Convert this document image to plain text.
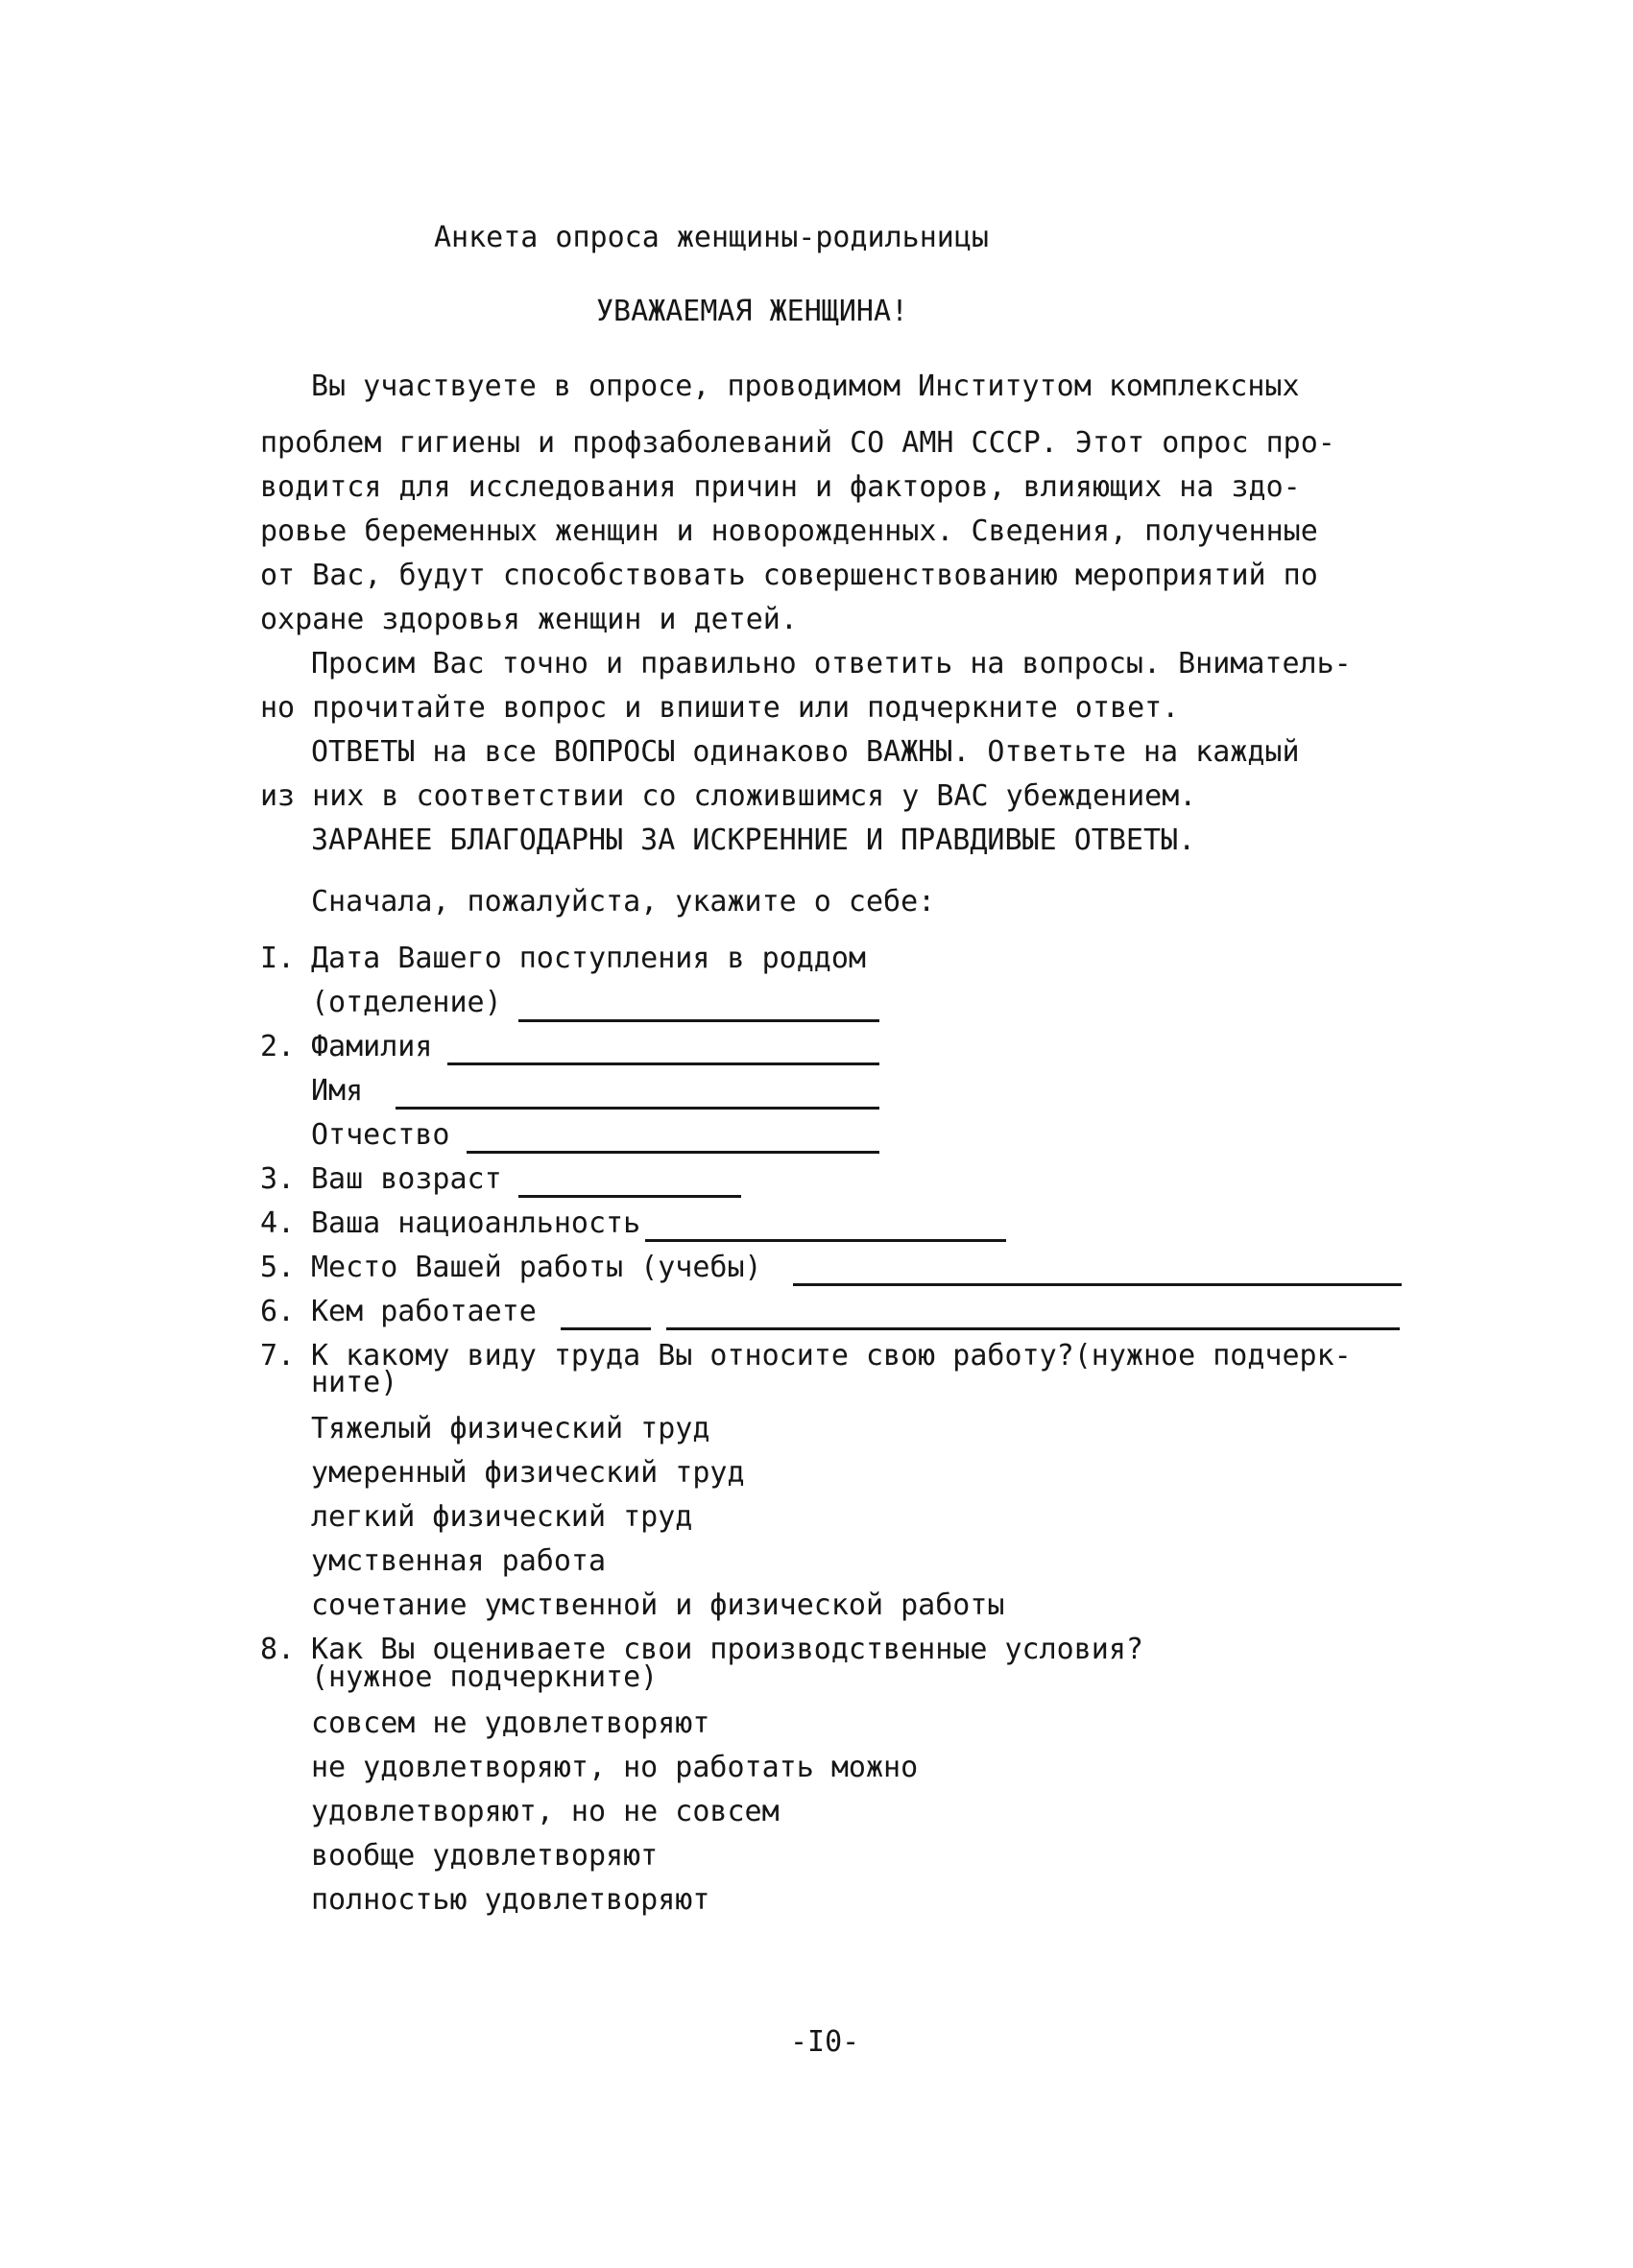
Анкета опроса женщины-родильницы
УВАЖАЕМАЯ ЖЕНЩИНА!
Вы участвуете в опросе, проводимом Институтом комплексных
проблем гигиены и профзаболеваний СО АМН СССР. Этот опрос про-
водится для исследования причин и факторов, влияющих на здо-
ровье беременных женщин и новорожденных. Сведения, полученные
от Вас, будут способствовать совершенствованию мероприятий по
охране здоровья женщин и детей.
Просим Вас точно и правильно ответить на вопросы. Вниматель-
но прочитайте вопрос и впишите или подчеркните ответ.
ОТВЕТЫ на все ВОПРОСЫ одинаково ВАЖНЫ. Ответьте на каждый
из них в соответствии со сложившимся у ВАС убеждением.
ЗАРАНЕЕ БЛАГОДАРНЫ ЗА ИСКРЕННИЕ И ПРАВДИВЫЕ ОТВЕТЫ.
Сначала, пожалуйста, укажите о себе:
I. Дата Вашего поступления в роддом
(отделение)
2. Фамилия
Имя
Отчество
3. Ваш возраст
4. Ваша нациоанльность
5. Место Вашей работы (учебы)
6. Кем работаете
7. К какому виду труда Вы относите свою работу?(нужное подчерк-
ните)
Тяжелый физический труд
умеренный физический труд
легкий физический труд
умственная работа
сочетание умственной и физической работы
8. Как Вы оцениваете свои производственные условия?
(нужное подчеркните)
совсем не удовлетворяют
не удовлетворяют, но работать можно
удовлетворяют, но не совсем
вообще удовлетворяют
полностью удовлетворяют
-I0-
